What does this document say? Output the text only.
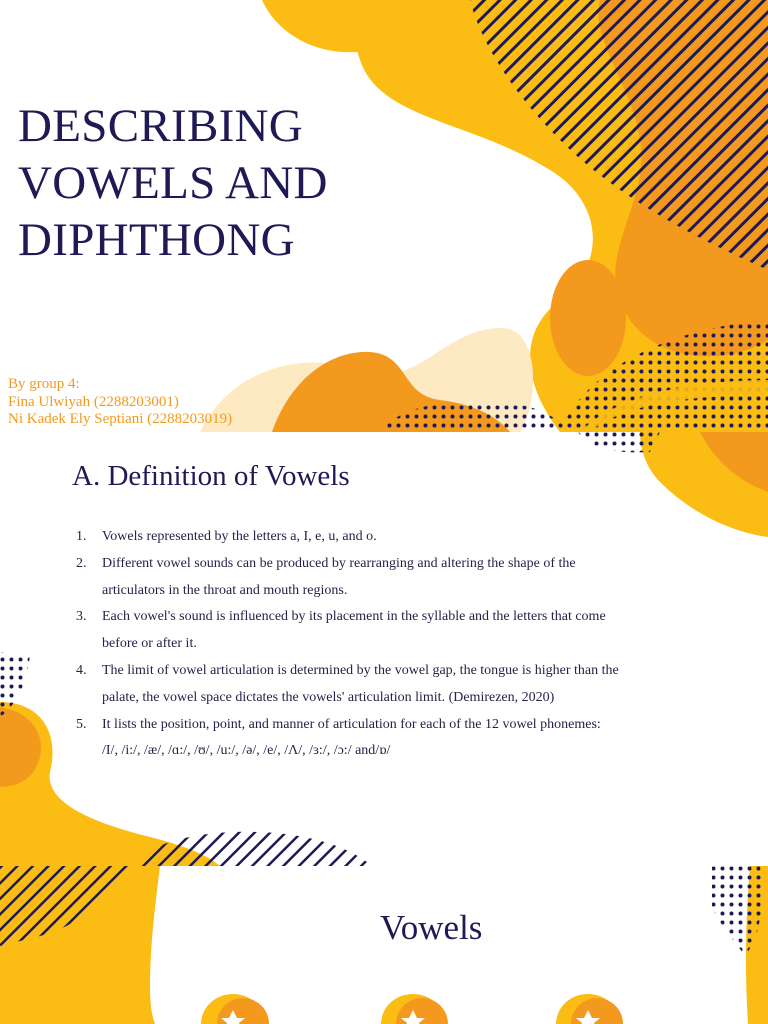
DESCRIBING
VOWELS AND
DIPHTHONG
By group 4:
Fina Ulwiyah (2288203001)
Ni Kadek Ely Septiani (2288203019)
A. Definition of Vowels
1.	Vowels represented by the letters a, I, e, u, and o.
2.	Different vowel sounds can be produced by rearranging and altering the shape of the
articulators in the throat and mouth regions.
3.	Each vowel's sound is influenced by its placement in the syllable and the letters that come
before or after it.
4.	The limit of vowel articulation is determined by the vowel gap, the tongue is higher than the
palate, the vowel space dictates the vowels' articulation limit. (Demirezen, 2020)
5.	It lists the position, point, and manner of articulation for each of the 12 vowel phonemes:
/I/, /i:/, /æ/, /ɑ:/, /ʊ/, /u:/, /ə/, /e/, /Λ/, /ɜ:/, /ɔ:/ and/ɒ/
Vowels
